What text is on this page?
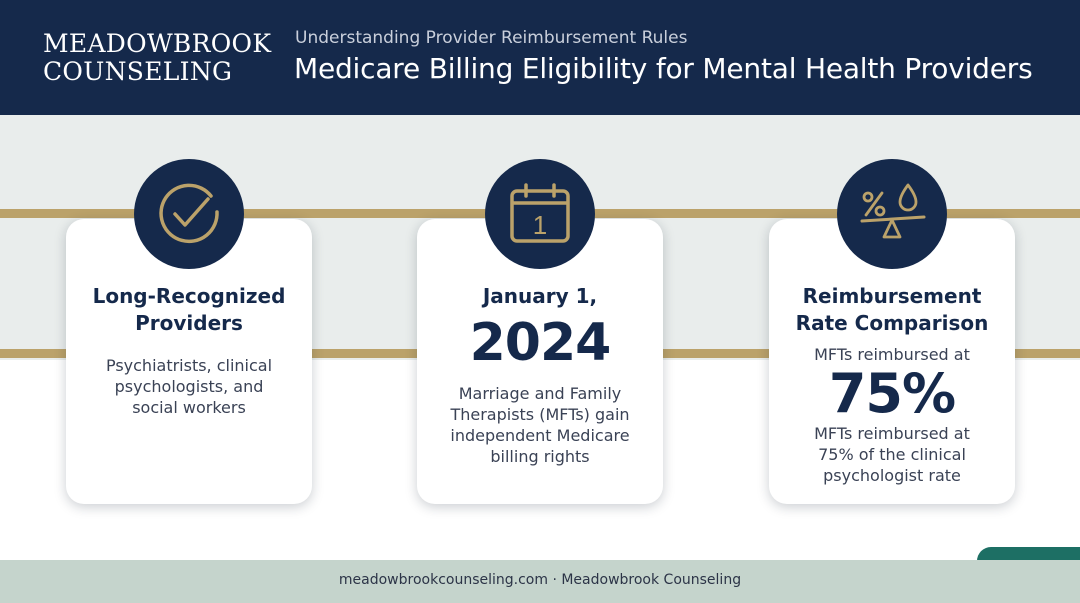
MEADOWBROOK
COUNSELING
Understanding Provider Reimbursement Rules
Medicare Billing Eligibility for Mental Health Providers
Long-Recognized
Providers
Psychiatrists, clinical
psychologists, and
social workers
January 1,
2024
Marriage and Family
Therapists (MFTs) gain
independent Medicare
billing rights
1
Reimbursement
Rate Comparison
MFTs reimbursed at
75%
MFTs reimbursed at
75% of the clinical
psychologist rate
meadowbrookcounseling.com · Meadowbrook Counseling
